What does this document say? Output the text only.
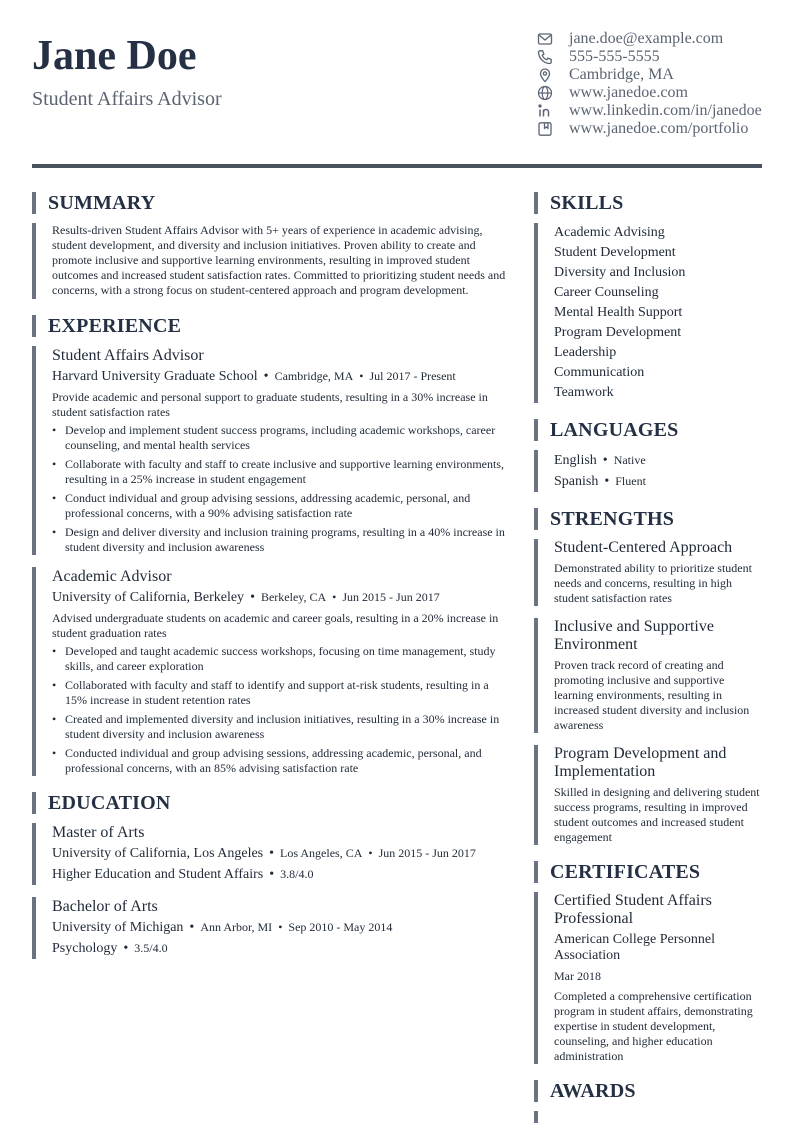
Jane Doe
Student Affairs Advisor
jane.doe@example.com
555-555-5555
Cambridge, MA
www.janedoe.com
www.linkedin.com/in/janedoe
www.janedoe.com/portfolio
SUMMARY
Results-driven Student Affairs Advisor with 5+ years of experience in academic advising, student development, and diversity and inclusion initiatives. Proven ability to create and promote inclusive and supportive learning environments, resulting in improved student outcomes and increased student satisfaction rates. Committed to prioritizing student needs and concerns, with a strong focus on student-centered approach and program development.
EXPERIENCE
Student Affairs Advisor
Harvard University Graduate School • Cambridge, MA • Jul 2017 - Present
Provide academic and personal support to graduate students, resulting in a 30% increase in student satisfaction rates
• Develop and implement student success programs, including academic workshops, career counseling, and mental health services
• Collaborate with faculty and staff to create inclusive and supportive learning environments, resulting in a 25% increase in student engagement
• Conduct individual and group advising sessions, addressing academic, personal, and professional concerns, with a 90% advising satisfaction rate
• Design and deliver diversity and inclusion training programs, resulting in a 40% increase in student diversity and inclusion awareness
Academic Advisor
University of California, Berkeley • Berkeley, CA • Jun 2015 - Jun 2017
Advised undergraduate students on academic and career goals, resulting in a 20% increase in student graduation rates
• Developed and taught academic success workshops, focusing on time management, study skills, and career exploration
• Collaborated with faculty and staff to identify and support at-risk students, resulting in a 15% increase in student retention rates
• Created and implemented diversity and inclusion initiatives, resulting in a 30% increase in student diversity and inclusion awareness
• Conducted individual and group advising sessions, addressing academic, personal, and professional concerns, with an 85% advising satisfaction rate
EDUCATION
Master of Arts
University of California, Los Angeles • Los Angeles, CA • Jun 2015 - Jun 2017
Higher Education and Student Affairs • 3.8/4.0
Bachelor of Arts
University of Michigan • Ann Arbor, MI • Sep 2010 - May 2014
Psychology • 3.5/4.0
SKILLS
Academic Advising
Student Development
Diversity and Inclusion
Career Counseling
Mental Health Support
Program Development
Leadership
Communication
Teamwork
LANGUAGES
English • Native
Spanish • Fluent
STRENGTHS
Student-Centered Approach
Demonstrated ability to prioritize student needs and concerns, resulting in high student satisfaction rates
Inclusive and Supportive Environment
Proven track record of creating and promoting inclusive and supportive learning environments, resulting in increased student diversity and inclusion awareness
Program Development and Implementation
Skilled in designing and delivering student success programs, resulting in improved student outcomes and increased student engagement
CERTIFICATES
Certified Student Affairs Professional
American College Personnel Association
Mar 2018
Completed a comprehensive certification program in student affairs, demonstrating expertise in student development, counseling, and higher education administration
AWARDS
